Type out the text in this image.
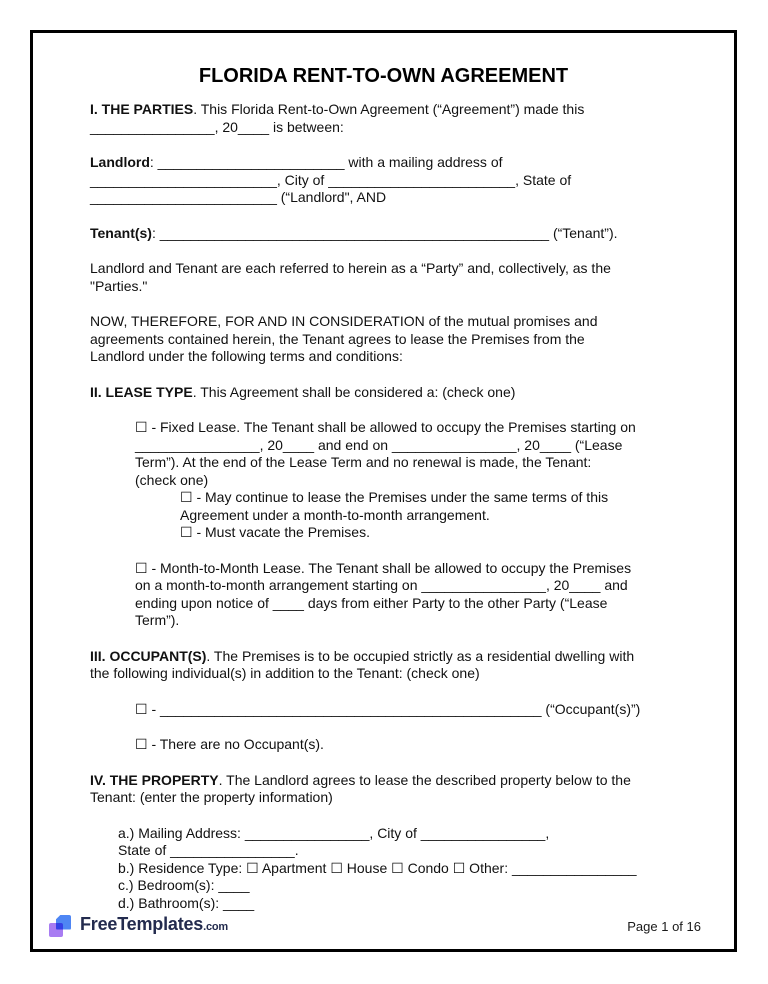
FLORIDA RENT-TO-OWN AGREEMENT
I. THE PARTIES. This Florida Rent-to-Own Agreement (“Agreement”) made this
________________, 20____ is between:
Landlord: ________________________ with a mailing address of
________________________, City of ________________________, State of
________________________ (“Landlord", AND
Tenant(s): __________________________________________________ (“Tenant”).
Landlord and Tenant are each referred to herein as a “Party” and, collectively, as the
"Parties."
NOW, THEREFORE, FOR AND IN CONSIDERATION of the mutual promises and
agreements contained herein, the Tenant agrees to lease the Premises from the
Landlord under the following terms and conditions:
II. LEASE TYPE. This Agreement shall be considered a: (check one)
☐ - Fixed Lease. The Tenant shall be allowed to occupy the Premises starting on
________________, 20____ and end on ________________, 20____ (“Lease
Term”). At the end of the Lease Term and no renewal is made, the Tenant:
(check one)
☐ - May continue to lease the Premises under the same terms of this
Agreement under a month-to-month arrangement.
☐ - Must vacate the Premises.
☐ - Month-to-Month Lease. The Tenant shall be allowed to occupy the Premises
on a month-to-month arrangement starting on ________________, 20____ and
ending upon notice of ____ days from either Party to the other Party (“Lease
Term”).
III. OCCUPANT(S). The Premises is to be occupied strictly as a residential dwelling with
the following individual(s) in addition to the Tenant: (check one)
☐ - _________________________________________________ (“Occupant(s)”)
☐ - There are no Occupant(s).
IV. THE PROPERTY. The Landlord agrees to lease the described property below to the
Tenant: (enter the property information)
a.) Mailing Address: ________________, City of ________________,
State of ________________.
b.) Residence Type: ☐ Apartment ☐ House ☐ Condo ☐ Other: ________________
c.) Bedroom(s): ____
d.) Bathroom(s): ____
FreeTemplates.com	Page 1 of 16
